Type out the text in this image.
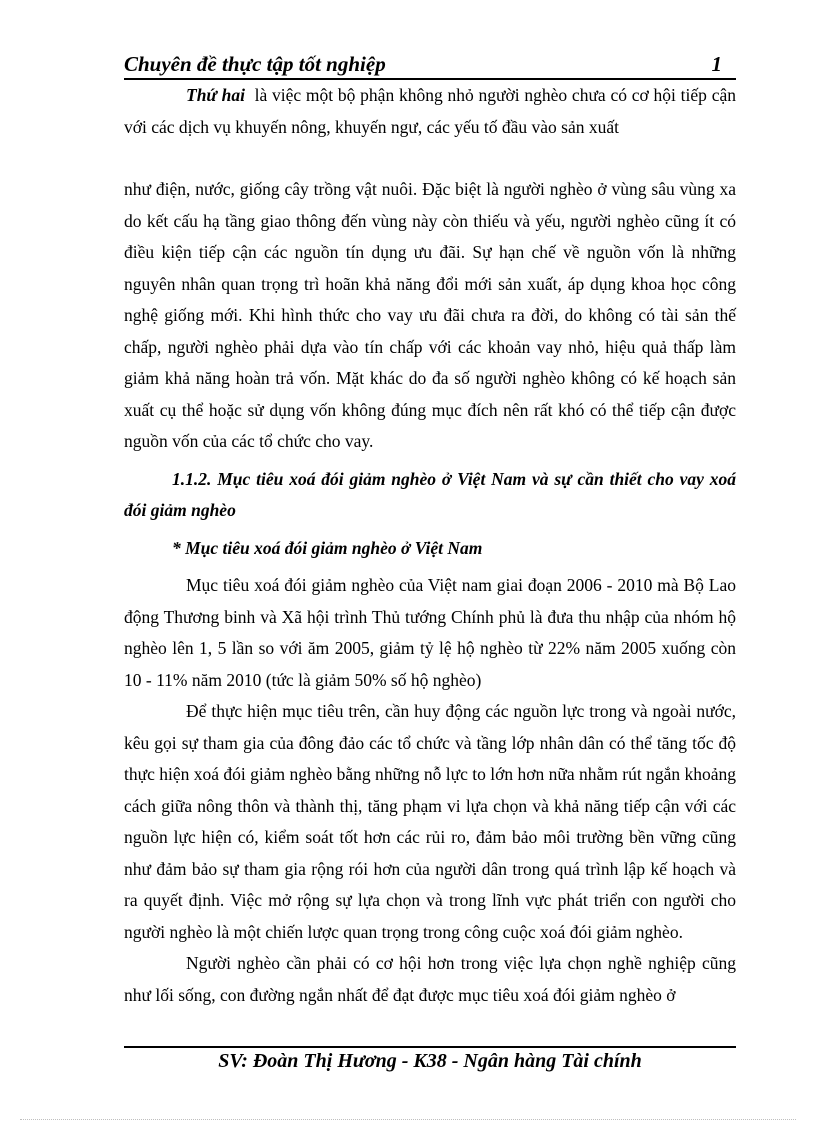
Chuyên đề thực tập tốt nghiệp	1

Thứ hai là việc một bộ phận không nhỏ người nghèo chưa có cơ hội tiếp cận với các dịch vụ khuyến nông, khuyến ngư, các yếu tố đầu vào sản xuất

như điện, nước, giống cây trồng vật nuôi. Đặc biệt là người nghèo ở vùng sâu vùng xa do kết cấu hạ tầng giao thông đến vùng này còn thiếu và yếu, người nghèo cũng ít có điều kiện tiếp cận các nguồn tín dụng ưu đãi. Sự hạn chế về nguồn vốn là những nguyên nhân quan trọng trì hoãn khả năng đổi mới sản xuất, áp dụng khoa học công nghệ giống mới. Khi hình thức cho vay ưu đãi chưa ra đời, do không có tài sản thế chấp, người nghèo phải dựa vào tín chấp với các khoản vay nhỏ, hiệu quả thấp làm giảm khả năng hoàn trả vốn. Mặt khác do đa số người nghèo không có kế hoạch sản xuất cụ thể hoặc sử dụng vốn không đúng mục đích nên rất khó có thể tiếp cận được nguồn vốn của các tổ chức cho vay.

1.1.2. Mục tiêu xoá đói giảm nghèo ở Việt Nam và sự cần thiết cho vay xoá đói giảm nghèo

* Mục tiêu xoá đói giảm nghèo ở Việt Nam

Mục tiêu xoá đói giảm nghèo của Việt nam giai đoạn 2006 - 2010 mà Bộ Lao động Thương binh và Xã hội trình Thủ tướng Chính phủ là đưa thu nhập của nhóm hộ nghèo lên 1, 5 lần so với ăm 2005, giảm tỷ lệ hộ nghèo từ 22% năm 2005 xuống còn 10 - 11% năm 2010 (tức là giảm 50% số hộ nghèo)

Để thực hiện mục tiêu trên, cần huy động các nguồn lực trong và ngoài nước, kêu gọi sự tham gia của đông đảo các tổ chức và tầng lớp nhân dân có thể tăng tốc độ thực hiện xoá đói giảm nghèo bằng những nỗ lực to lớn hơn nữa nhằm rút ngắn khoảng cách giữa nông thôn và thành thị, tăng phạm vi lựa chọn và khả năng tiếp cận với các nguồn lực hiện có, kiểm soát tốt hơn các rủi ro, đảm bảo môi trường bền vững cũng như đảm bảo sự tham gia rộng rói hơn của người dân trong quá trình lập kế hoạch và ra quyết định. Việc mở rộng sự lựa chọn và trong lĩnh vực phát triển con người cho người nghèo là một chiến lược quan trọng trong công cuộc xoá đói giảm nghèo.

Người nghèo cần phải có cơ hội hơn trong việc lựa chọn nghề nghiệp cũng như lối sống, con đường ngắn nhất để đạt được mục tiêu xoá đói giảm nghèo ở

SV: Đoàn Thị Hương - K38 - Ngân hàng Tài chính
